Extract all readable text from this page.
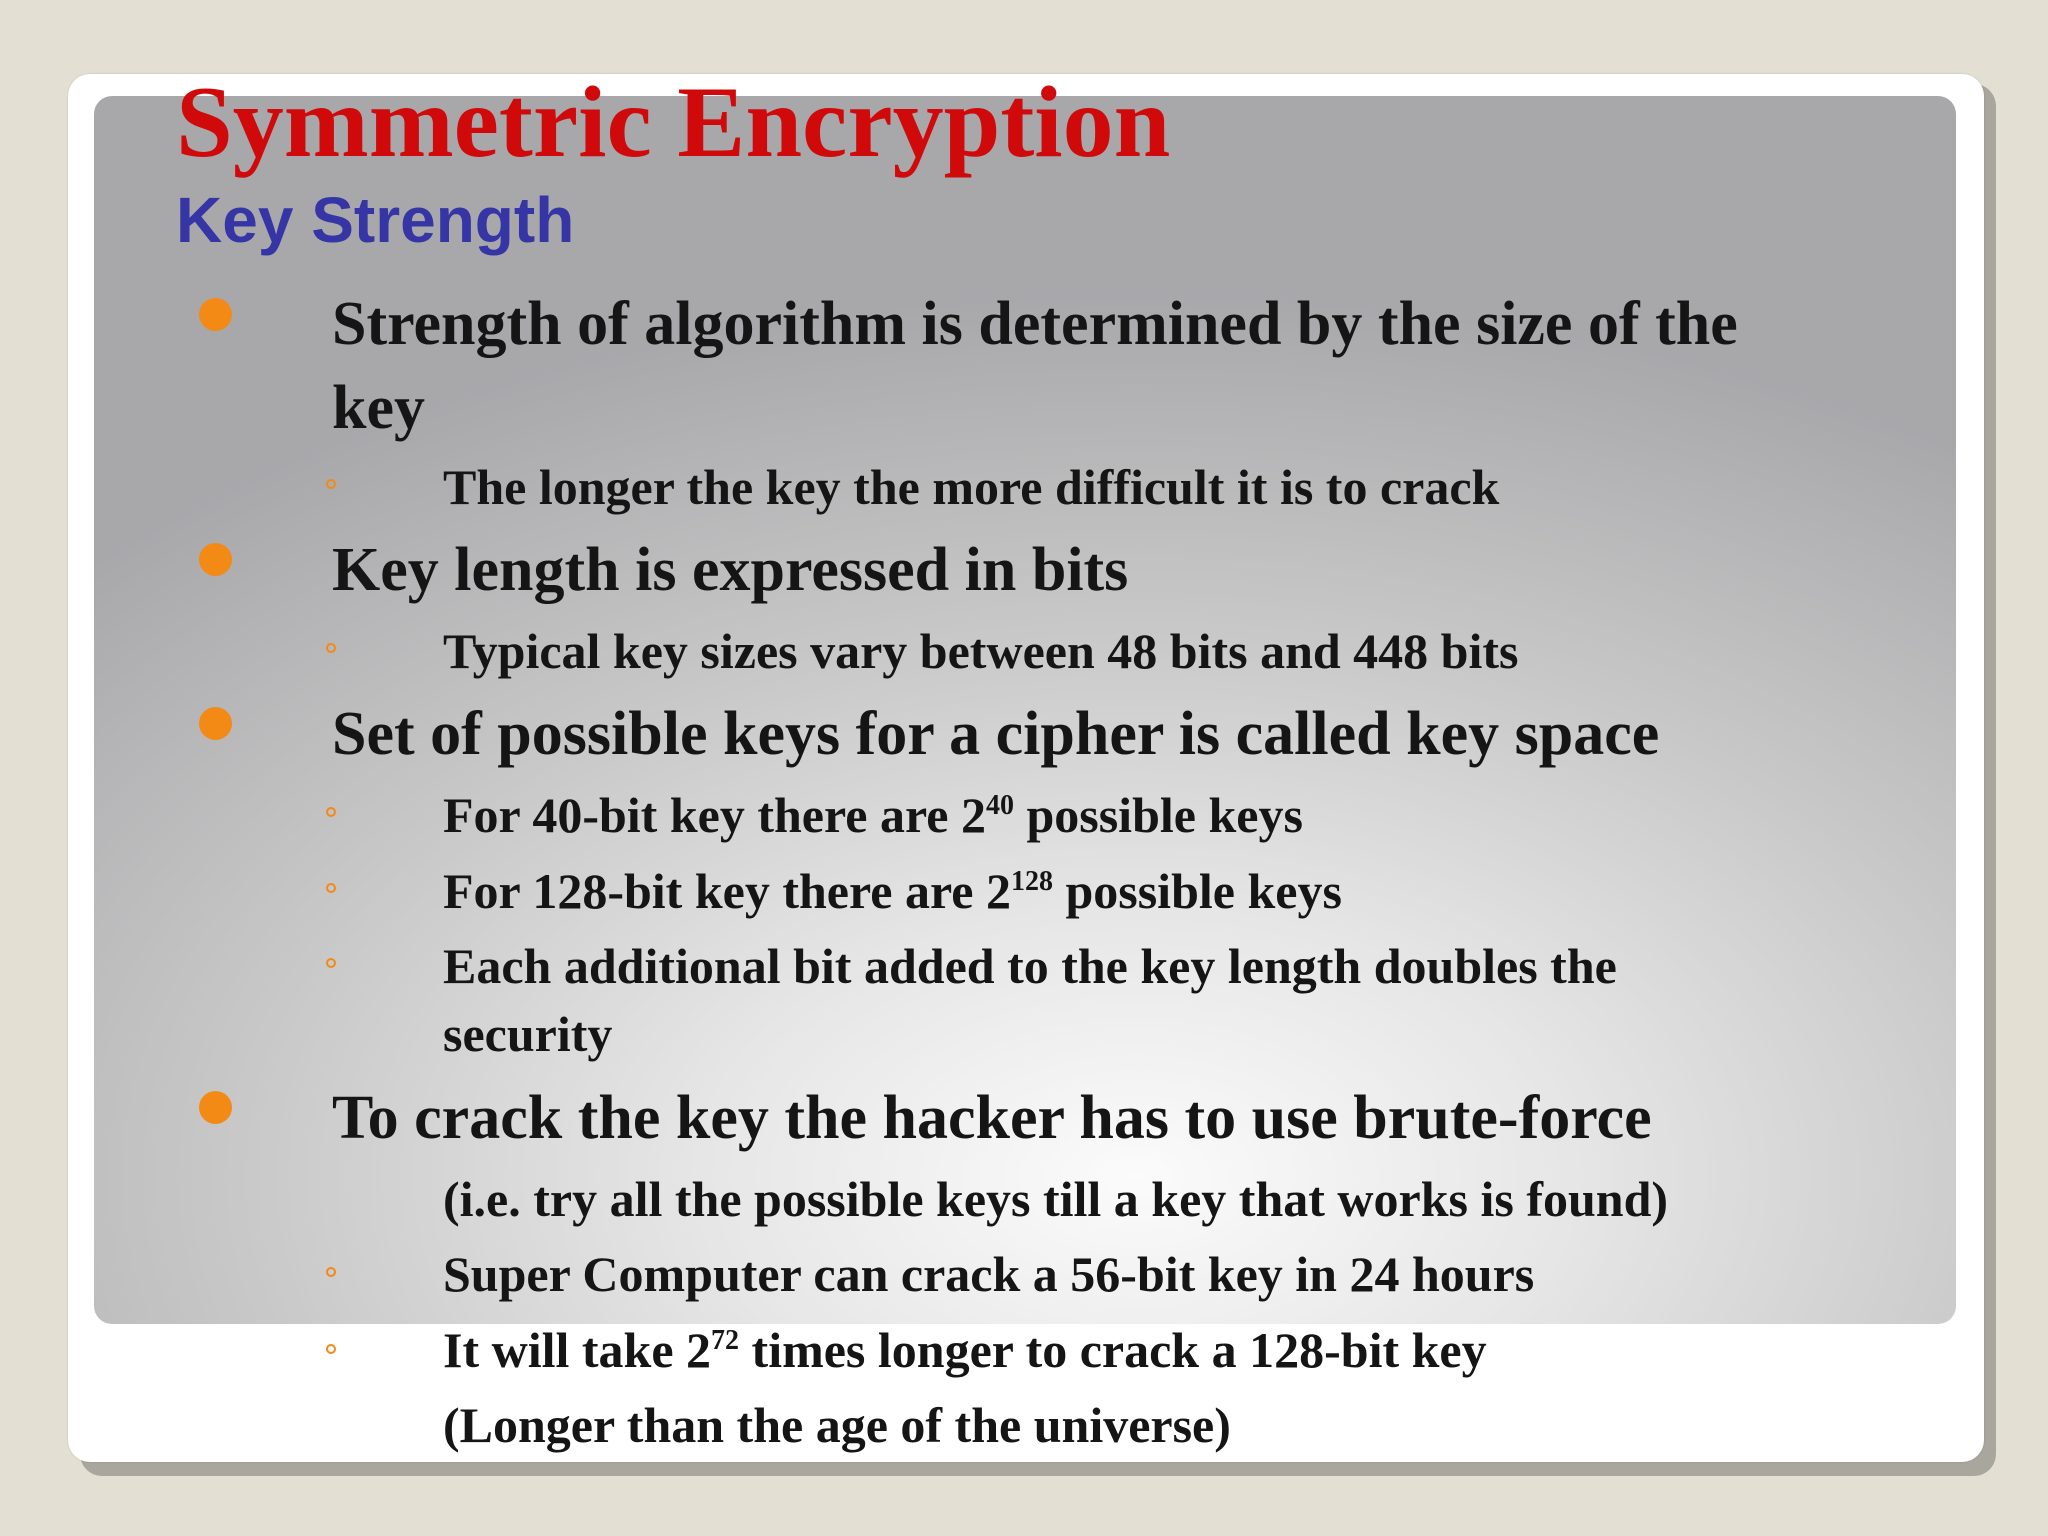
Symmetric Encryption
Key Strength

Strength of algorithm is determined by the size of the

key

The longer the key the more difficult it is to crack

Key length is expressed in bits

Typical key sizes vary between 48 bits and 448 bits

Set of possible keys for a cipher is called key space

For 40-bit key there are $2^{40}$ possible keys

For 128-bit key there are $2^{128}$ possible keys

Each additional bit added to the key length doubles the

security

To crack the key the hacker has to use brute-force

(i.e. try all the possible keys till a key that works is found)

Super Computer can crack a 56-bit key in 24 hours

It will take $2^{72}$ times longer to crack a 128-bit key

(Longer than the age of the universe)
